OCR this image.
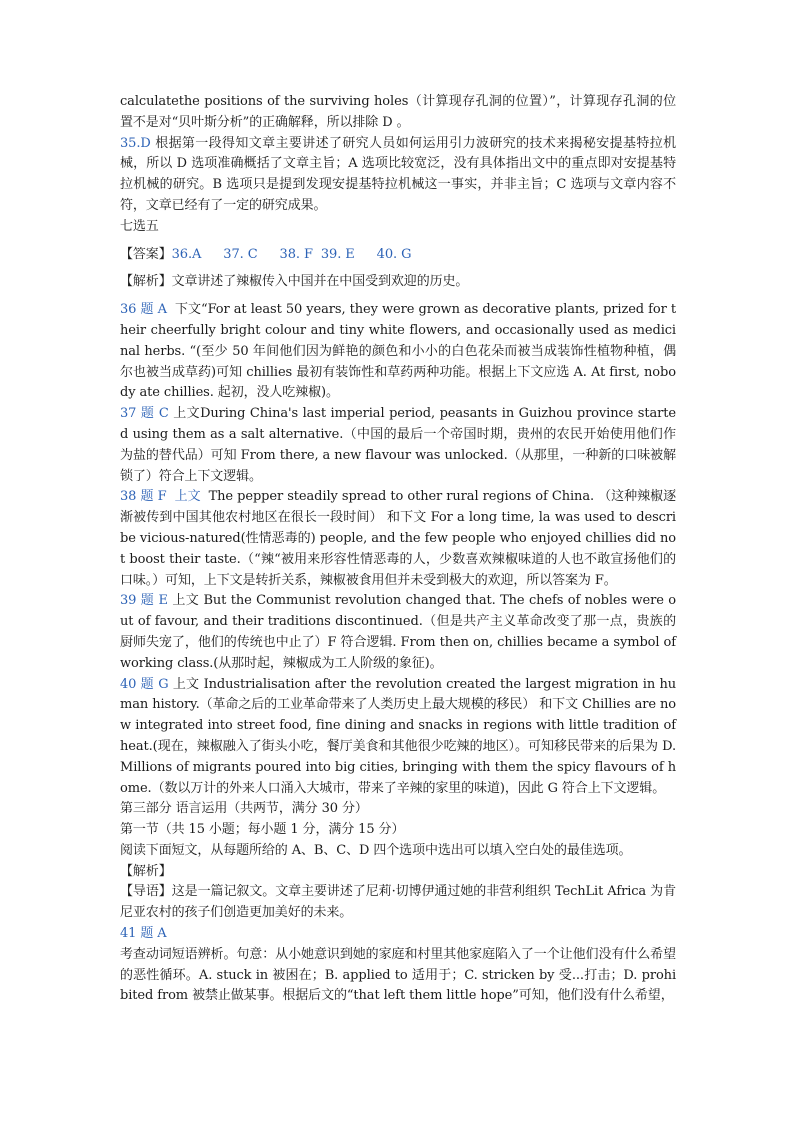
calculatethe positions of the surviving holes（计算现存孔洞的位置）”，计算现存孔洞的位置不是对“贝叶斯分析”的正确解释，所以排除 D 。

35.D 根据第一段得知文章主要讲述了研究人员如何运用引力波研究的技术来揭秘安提基特拉机械，所以 D 选项准确概括了文章主旨；A 选项比较宽泛，没有具体指出文中的重点即对安提基特拉机械的研究。B 选项只是提到发现安提基特拉机械这一事实，并非主旨；C 选项与文章内容不符，文章已经有了一定的研究成果。

七选五

【答案】36.A 37. C 38. F 39. E 40. G

【解析】文章讲述了辣椒传入中国并在中国受到欢迎的历史。

36 题 A 下文“For at least 50 years, they were grown as decorative plants, prized for their cheerfully bright colour and tiny white flowers, and occasionally used as medicinal herbs. “(至少 50 年间他们因为鲜艳的颜色和小小的白色花朵而被当成装饰性植物种植，偶尔也被当成草药)可知 chillies 最初有装饰性和草药两种功能。根据上下文应选 A. At first, nobody ate chillies. 起初，没人吃辣椒)。

37 题 C 上文During China's last imperial period, peasants in Guizhou province started using them as a salt alternative.（中国的最后一个帝国时期，贵州的农民开始使用他们作为盐的替代品）可知 From there, a new flavour was unlocked.（从那里，一种新的口味被解锁了）符合上下文逻辑。

38 题 F 上文 The pepper steadily spread to other rural regions of China. （这种辣椒逐渐被传到中国其他农村地区在很长一段时间） 和下文 For a long time, la was used to describe vicious-natured(性情恶毒的) people, and the few people who enjoyed chillies did not boost their taste.（“辣“被用来形容性情恶毒的人，少数喜欢辣椒味道的人也不敢宣扬他们的口味。）可知，上下文是转折关系，辣椒被食用但并未受到极大的欢迎，所以答案为 F。

39 题 E 上文 But the Communist revolution changed that. The chefs of nobles were out of favour, and their traditions discontinued.（但是共产主义革命改变了那一点，贵族的厨师失宠了，他们的传统也中止了）F 符合逻辑. From then on, chillies became a symbol of working class.(从那时起，辣椒成为工人阶级的象征)。

40 题 G 上文 Industrialisation after the revolution created the largest migration in human history.（革命之后的工业革命带来了人类历史上最大规模的移民） 和下文 Chillies are now integrated into street food, fine dining and snacks in regions with little tradition of heat.(现在，辣椒融入了街头小吃，餐厅美食和其他很少吃辣的地区）。可知移民带来的后果为 D. Millions of migrants poured into big cities, bringing with them the spicy flavours of home.（数以万计的外来人口涌入大城市，带来了辛辣的家里的味道)，因此 G 符合上下文逻辑。

第三部分 语言运用（共两节，满分 30 分）

第一节（共 15 小题；每小题 1 分，满分 15 分）

阅读下面短文，从每题所给的 A、B、C、D 四个选项中选出可以填入空白处的最佳选项。

【解析】

【导语】这是一篇记叙文。文章主要讲述了尼莉·切博伊通过她的非营利组织 TechLit Africa 为肯尼亚农村的孩子们创造更加美好的未来。

41 题 A

考查动词短语辨析。句意：从小她意识到她的家庭和村里其他家庭陷入了一个让他们没有什么希望的恶性循环。A. stuck in 被困在；B. applied to 适用于；C. stricken by 受...打击；D. prohibited from 被禁止做某事。根据后文的“that left them little hope”可知，他们没有什么希望，
